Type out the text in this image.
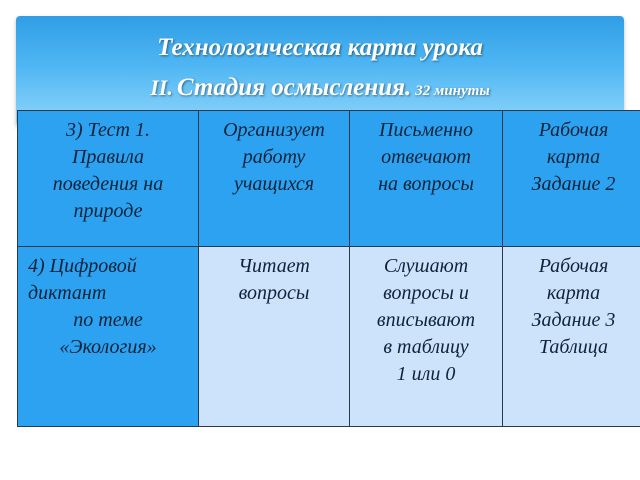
Технологическая карта урока
II. Стадия осмысления. 32 минуты
3) Тест 1.
Правила
поведения на
природе	Организует
работу
учащихся	Письменно
отвечают
на вопросы	Рабочая
карта
Задание 2

4) Цифровой
диктант
по теме
«Экология»	Читает
вопросы	Слушают
вопросы и
вписывают
в таблицу
1 или 0	Рабочая
карта
Задание 3
Таблица
